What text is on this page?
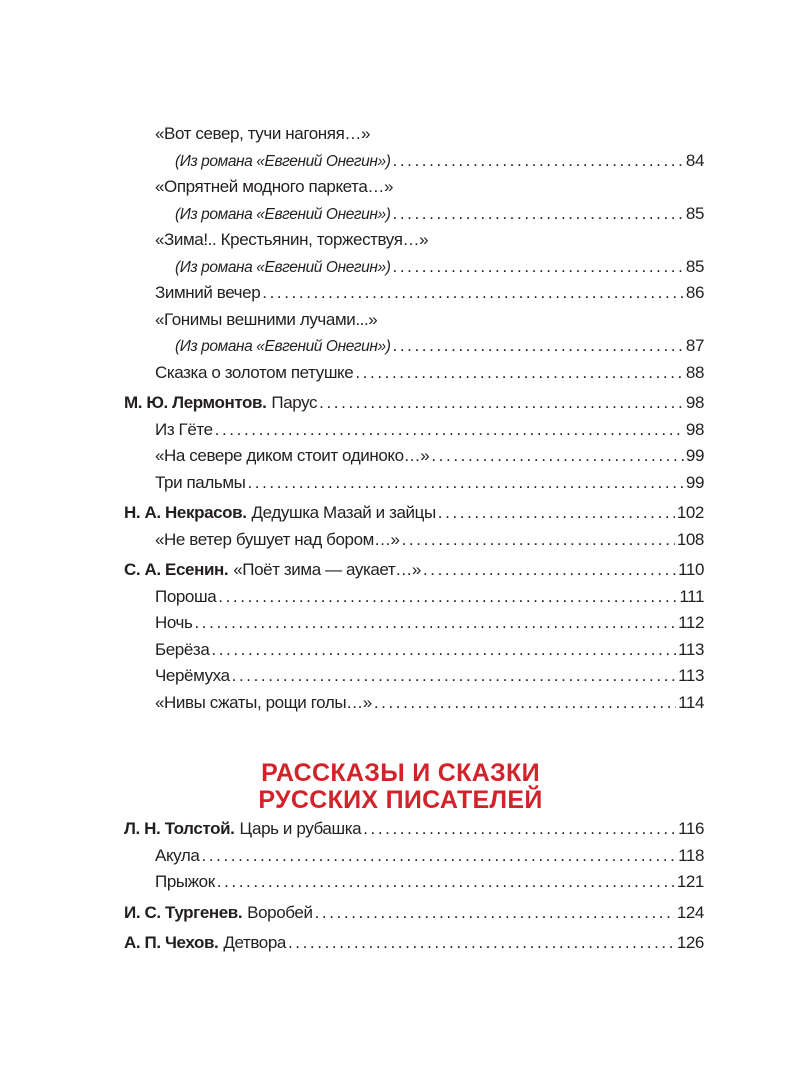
«Вот север, тучи нагоняя…»
(Из романа «Евгений Онегин») .....	84
«Опрятней модного паркета…»
(Из романа «Евгений Онегин») .....	85
«Зима!.. Крестьянин, торжествуя…»
(Из романа «Евгений Онегин») .....	85
Зимний вечер .....	86
«Гонимы вешними лучами...»
(Из романа «Евгений Онегин») .....	87
Сказка о золотом петушке .....	88
М. Ю. Лермонтов. Парус .....	98
Из Гёте .....	98
«На севере диком стоит одиноко…» .....	99
Три пальмы .....	99
Н. А. Некрасов. Дедушка Мазай и зайцы .....	102
«Не ветер бушует над бором…» .....	108
С. А. Есенин. «Поёт зима — аукает…» .....	110
Пороша .....	111
Ночь .....	112
Берёза .....	113
Черёмуха .....	113
«Нивы сжаты, рощи голы…» .....	114
РАССКАЗЫ И СКАЗКИ
РУССКИХ ПИСАТЕЛЕЙ
Л. Н. Толстой. Царь и рубашка .....	116
Акула .....	118
Прыжок .....	121
И. С. Тургенев. Воробей .....	124
А. П. Чехов. Детвора .....	126
